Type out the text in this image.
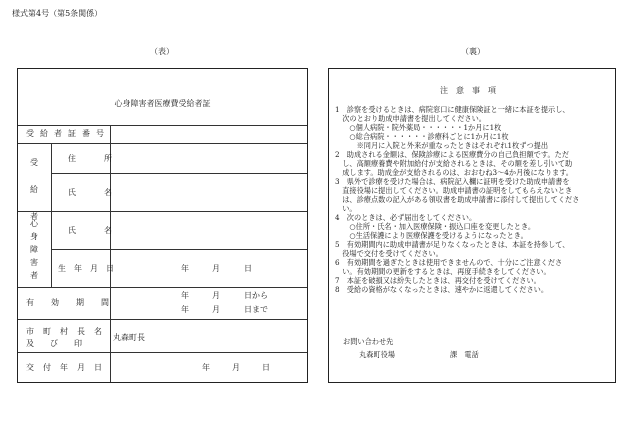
様式第4号（第5条関係）
（表）	（裏）
心身障害者医療費受給者証
受給者証番号
受給者
住所
氏名
心身障害者
氏名
生年月日	年	月	日
有効期間
年	月	日から
年	月	日まで
市町村長名
及び印
丸森町長
交付年月日	年	月	日
注意事項
1　診察を受けるときは、病院窓口に健康保険証と一緒に本証を提示し、
　次のとおり助成申請書を提出してください。
　　○個人病院・院外薬局・・・・・・1か月に1枚
　　○総合病院・・・・・・診療科ごとに1か月に1枚
　　　※同月に入院と外来が重なったときはそれぞれ1枚ずつ提出
2　助成される金額は、保険診療による医療費分の自己負担額です。ただ
　し、高額療養費や附加給付が支給されるときは、その額を差し引いて助
　成します。助成金が支給されるのは、おおむね3～4か月後になります。
3　県外で診療を受けた場合は、病院記入欄に証明を受けた助成申請書を
　直接役場に提出してください。助成申請書の証明をしてもらえないとき
　は、診療点数の記入がある領収書を助成申請書に添付して提出してくださ
　い。
4　次のときは、必ず届出をしてください。
　　○住所・氏名・加入医療保険・振込口座を変更したとき。
　　○生活保護により医療保護を受けるようになったとき。
5　有効期間内に助成申請書が足りなくなったときは、本証を持参して、
　役場で交付を受けてください。
6　有効期間を過ぎたときは使用できませんので、十分にご注意くださ
　い。有効期間の更新をするときは、再度手続きをしてください。
7　本証を破損又は紛失したときは、再交付を受けてください。
8　受給の資格がなくなったときは、速やかに返還してください。
お問い合わせ先
丸森町役場	課　電話
